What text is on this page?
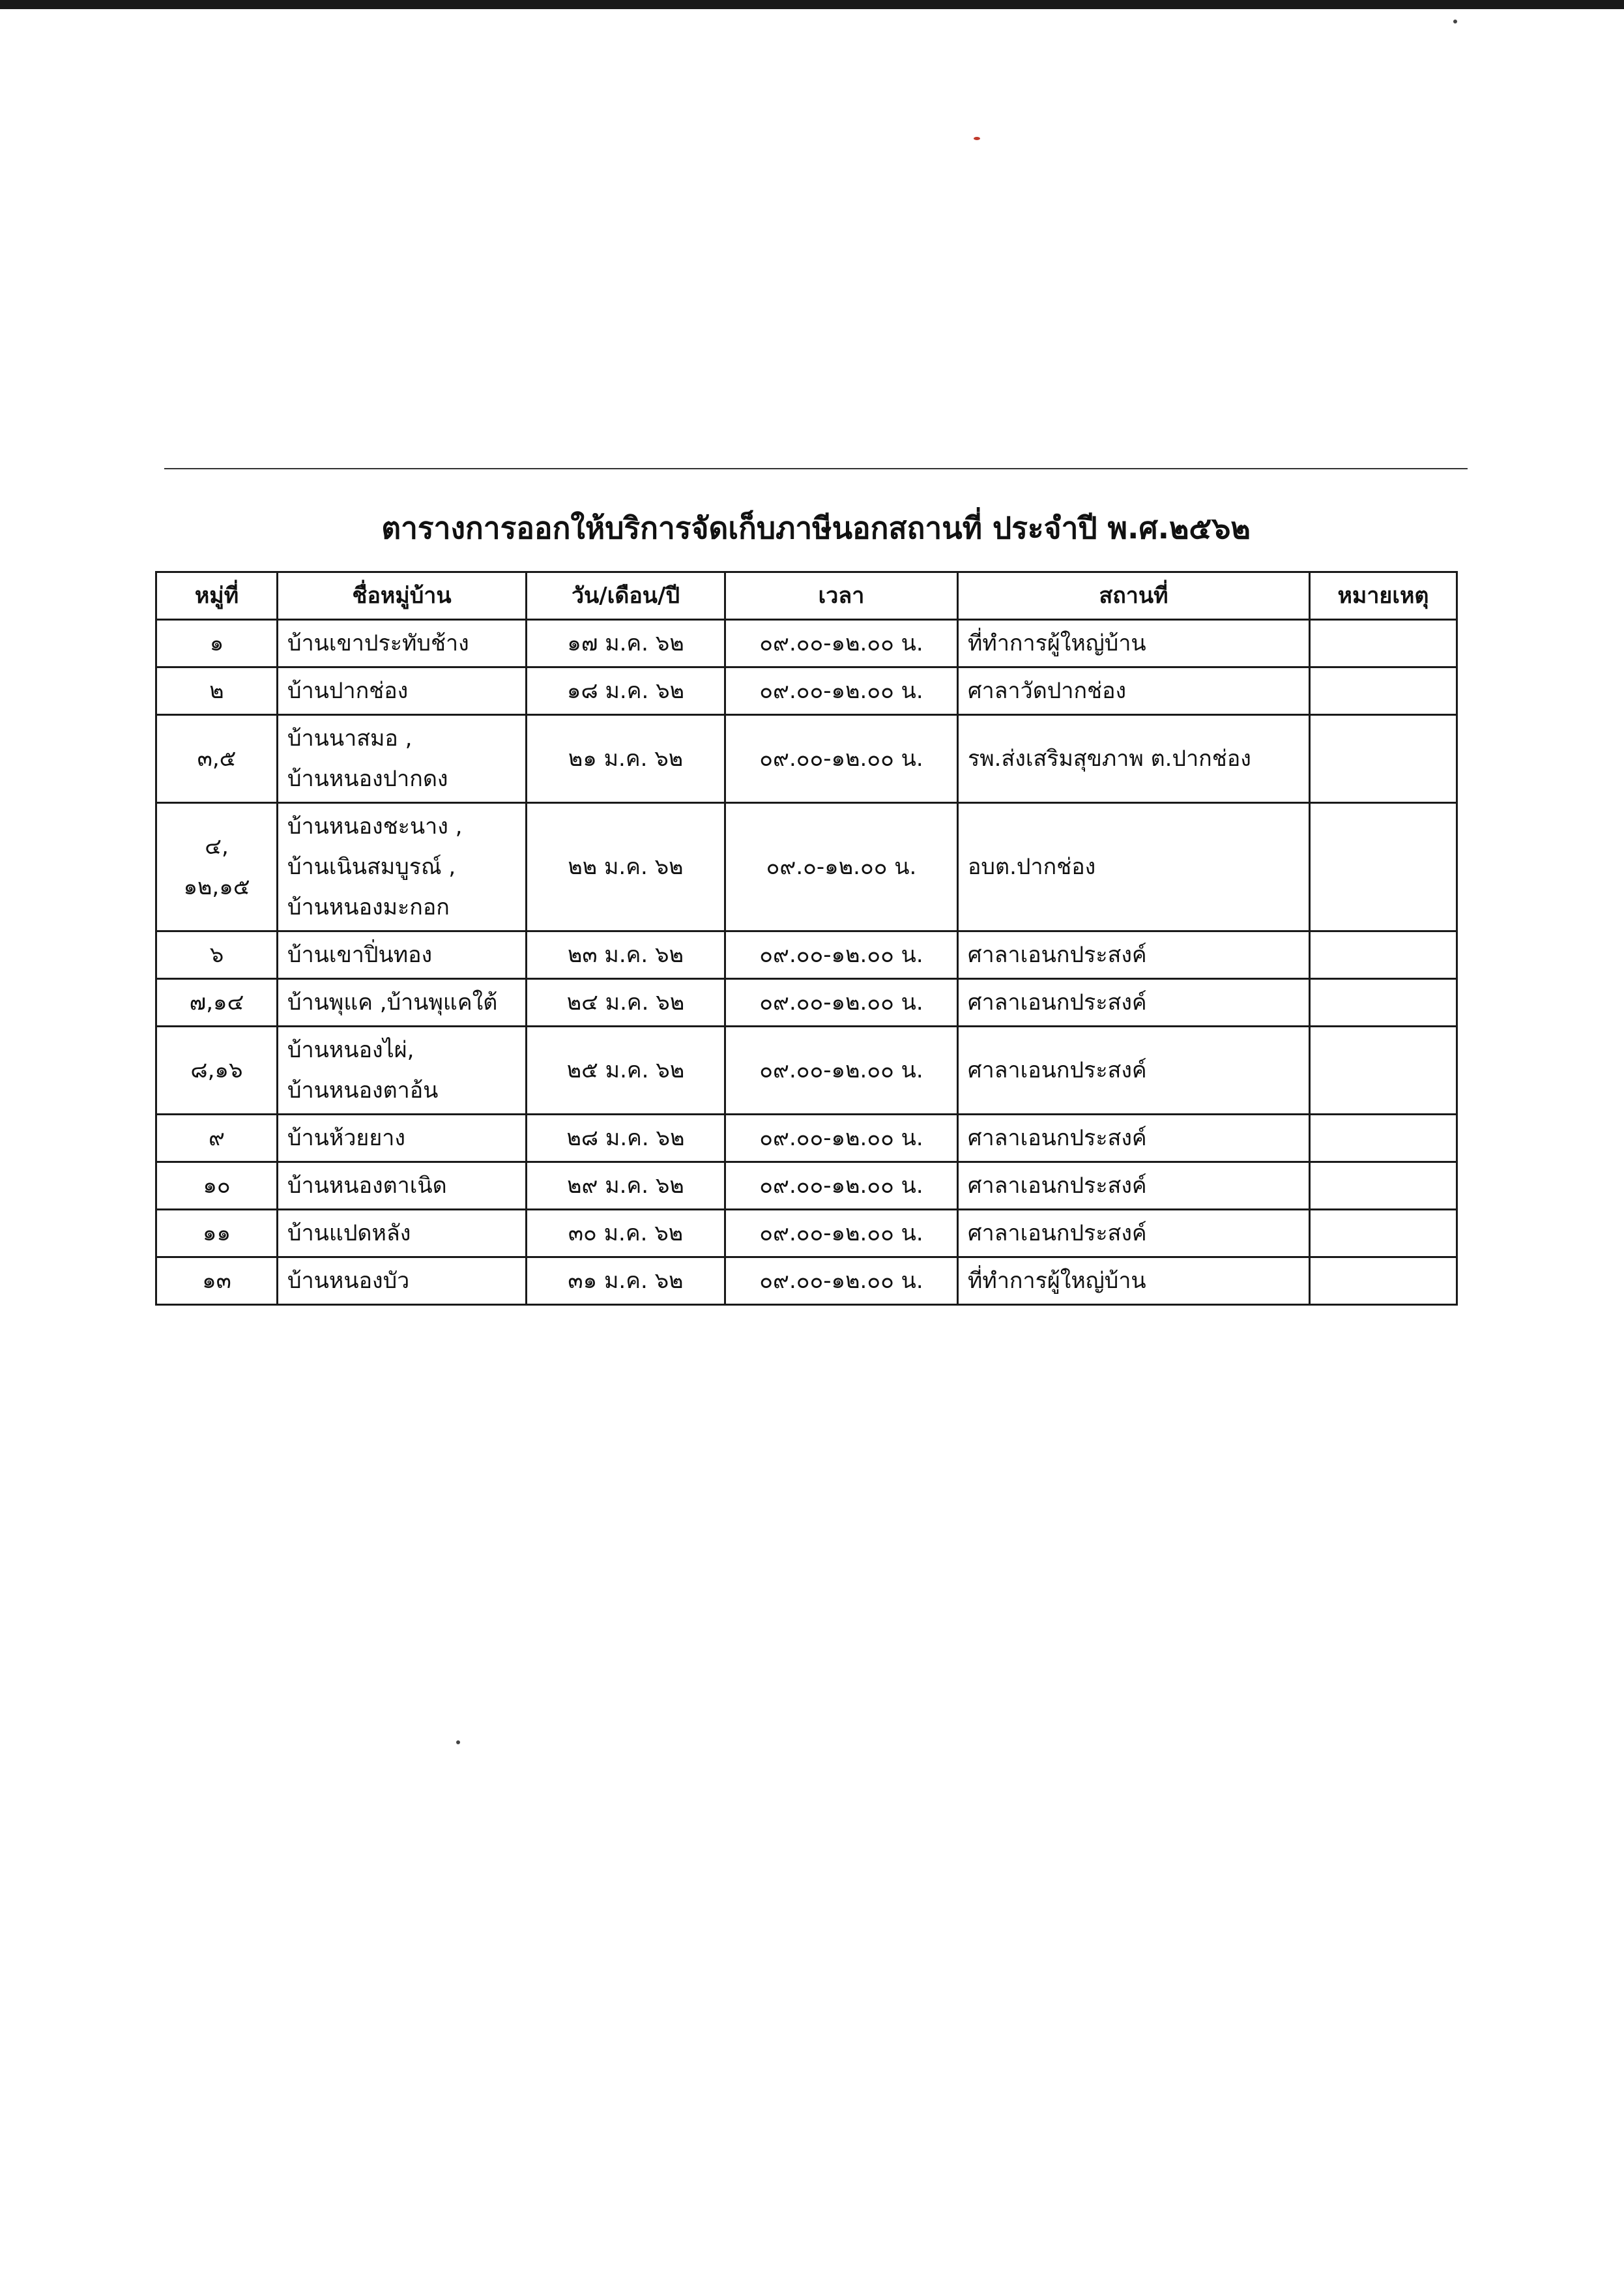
ตารางการออกให้บริการจัดเก็บภาษีนอกสถานที่ ประจำปี พ.ศ.๒๕๖๒
หมู่ที่	ชื่อหมู่บ้าน	วัน/เดือน/ปี	เวลา	สถานที่	หมายเหตุ

๑	บ้านเขาประทับช้าง	๑๗ ม.ค. ๖๒	๐๙.๐๐-๑๒.๐๐ น.	ที่ทำการผู้ใหญ่บ้าน	

๒	บ้านปากช่อง	๑๘ ม.ค. ๖๒	๐๙.๐๐-๑๒.๐๐ น.	ศาลาวัดปากช่อง	

๓,๕	บ้านนาสมอ ,
บ้านหนองปากดง	๒๑ ม.ค. ๖๒	๐๙.๐๐-๑๒.๐๐ น.	รพ.ส่งเสริมสุขภาพ ต.ปากช่อง	

๔,
๑๒,๑๕	บ้านหนองชะนาง ,
บ้านเนินสมบูรณ์ ,
บ้านหนองมะกอก	๒๒ ม.ค. ๖๒	๐๙.๐-๑๒.๐๐ น.	อบต.ปากช่อง	

๖	บ้านเขาปิ่นทอง	๒๓ ม.ค. ๖๒	๐๙.๐๐-๑๒.๐๐ น.	ศาลาเอนกประสงค์	

๗,๑๔	บ้านพุแค ,บ้านพุแคใต้	๒๔ ม.ค. ๖๒	๐๙.๐๐-๑๒.๐๐ น.	ศาลาเอนกประสงค์	

๘,๑๖	บ้านหนองไผ่,
บ้านหนองตาอ้น	๒๕ ม.ค. ๖๒	๐๙.๐๐-๑๒.๐๐ น.	ศาลาเอนกประสงค์	

๙	บ้านห้วยยาง	๒๘ ม.ค. ๖๒	๐๙.๐๐-๑๒.๐๐ น.	ศาลาเอนกประสงค์	

๑๐	บ้านหนองตาเนิด	๒๙ ม.ค. ๖๒	๐๙.๐๐-๑๒.๐๐ น.	ศาลาเอนกประสงค์	

๑๑	บ้านแปดหลัง	๓๐ ม.ค. ๖๒	๐๙.๐๐-๑๒.๐๐ น.	ศาลาเอนกประสงค์	

๑๓	บ้านหนองบัว	๓๑ ม.ค. ๖๒	๐๙.๐๐-๑๒.๐๐ น.	ที่ทำการผู้ใหญ่บ้าน	
